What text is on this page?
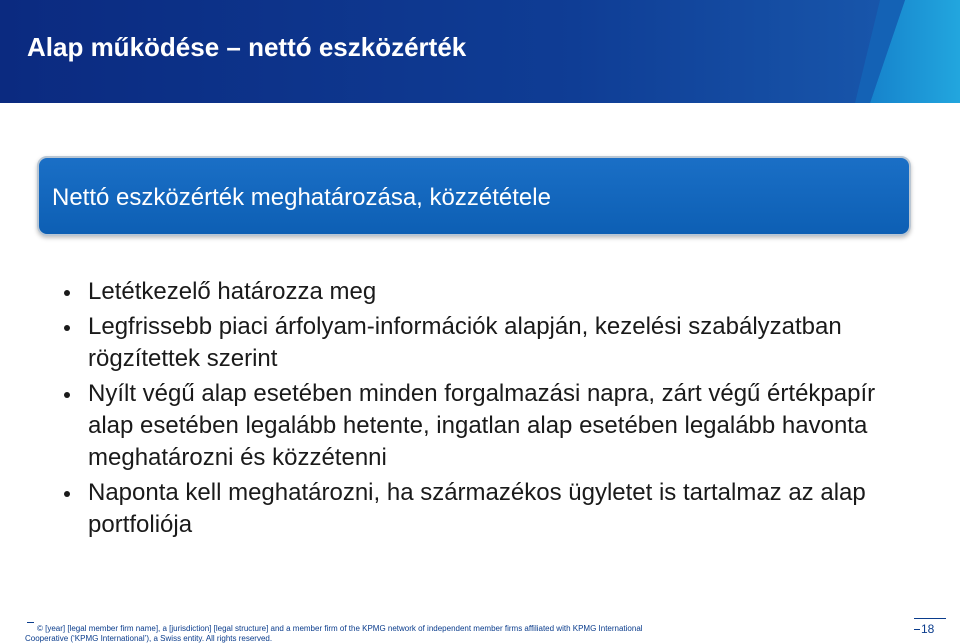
Alap működése – nettó eszközérték
Nettó eszközérték meghatározása, közzététele
Letétkezelő határozza meg
Legfrissebb piaci árfolyam-információk alapján, kezelési szabályzatban rögzítettek szerint
Nyílt végű alap esetében minden forgalmazási napra, zárt végű értékpapír alap esetében legalább hetente, ingatlan alap esetében legalább havonta meghatározni és közzétenni
Naponta kell meghatározni, ha származékos ügyletet is tartalmaz az alap portfoliója
© [year] [legal member firm name], a [jurisdiction] [legal structure] and a member firm of the KPMG network of independent member firms affiliated with KPMG International
Cooperative (‘KPMG International’), a Swiss entity. All rights reserved.
18
